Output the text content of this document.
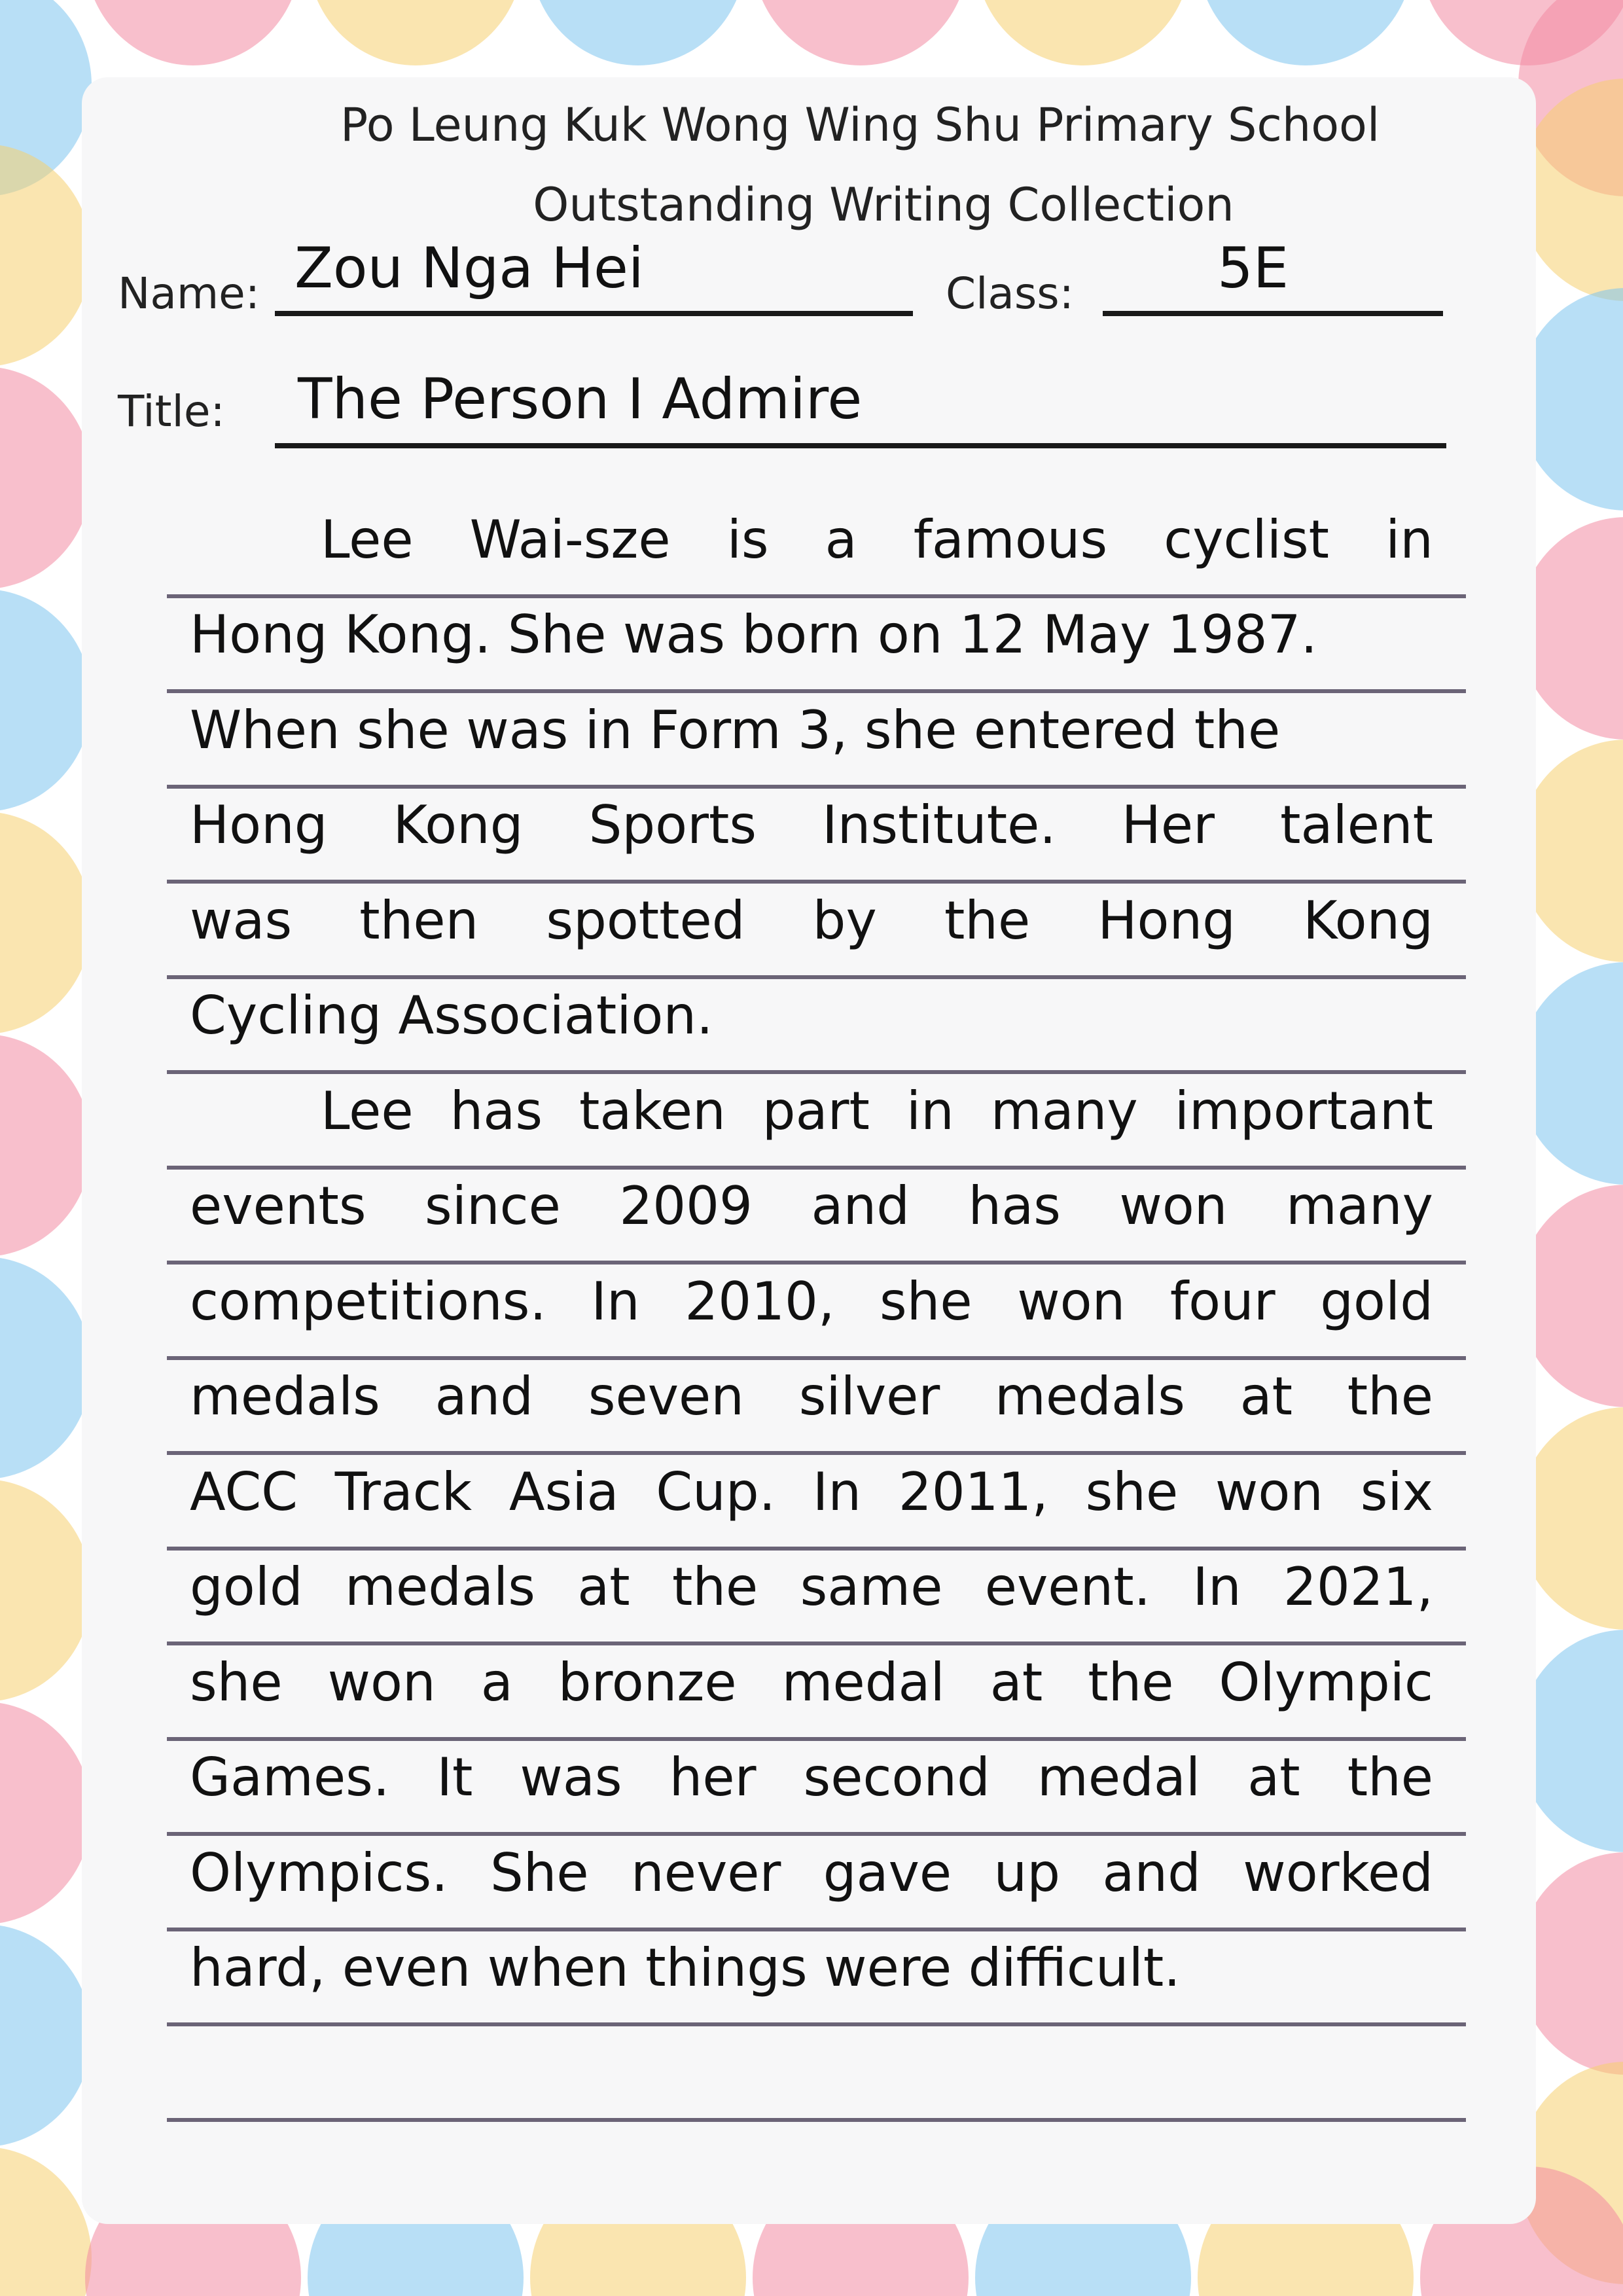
Po Leung Kuk Wong Wing Shu Primary School
Outstanding Writing Collection
Name: Zou Nga Hei	Class:	5E
Title: The Person I Admire
Lee Wai-sze is a famous cyclist in
Hong Kong. She was born on 12 May 1987.
When she was in Form 3, she entered the
Hong Kong Sports Institute. Her talent
was then spotted by the Hong Kong
Cycling Association.
Lee has taken part in many important
events since 2009 and has won many
competitions. In 2010, she won four gold
medals and seven silver medals at the
ACC Track Asia Cup. In 2011, she won six
gold medals at the same event. In 2021,
she won a bronze medal at the Olympic
Games. It was her second medal at the
Olympics. She never gave up and worked
hard, even when things were difficult.
